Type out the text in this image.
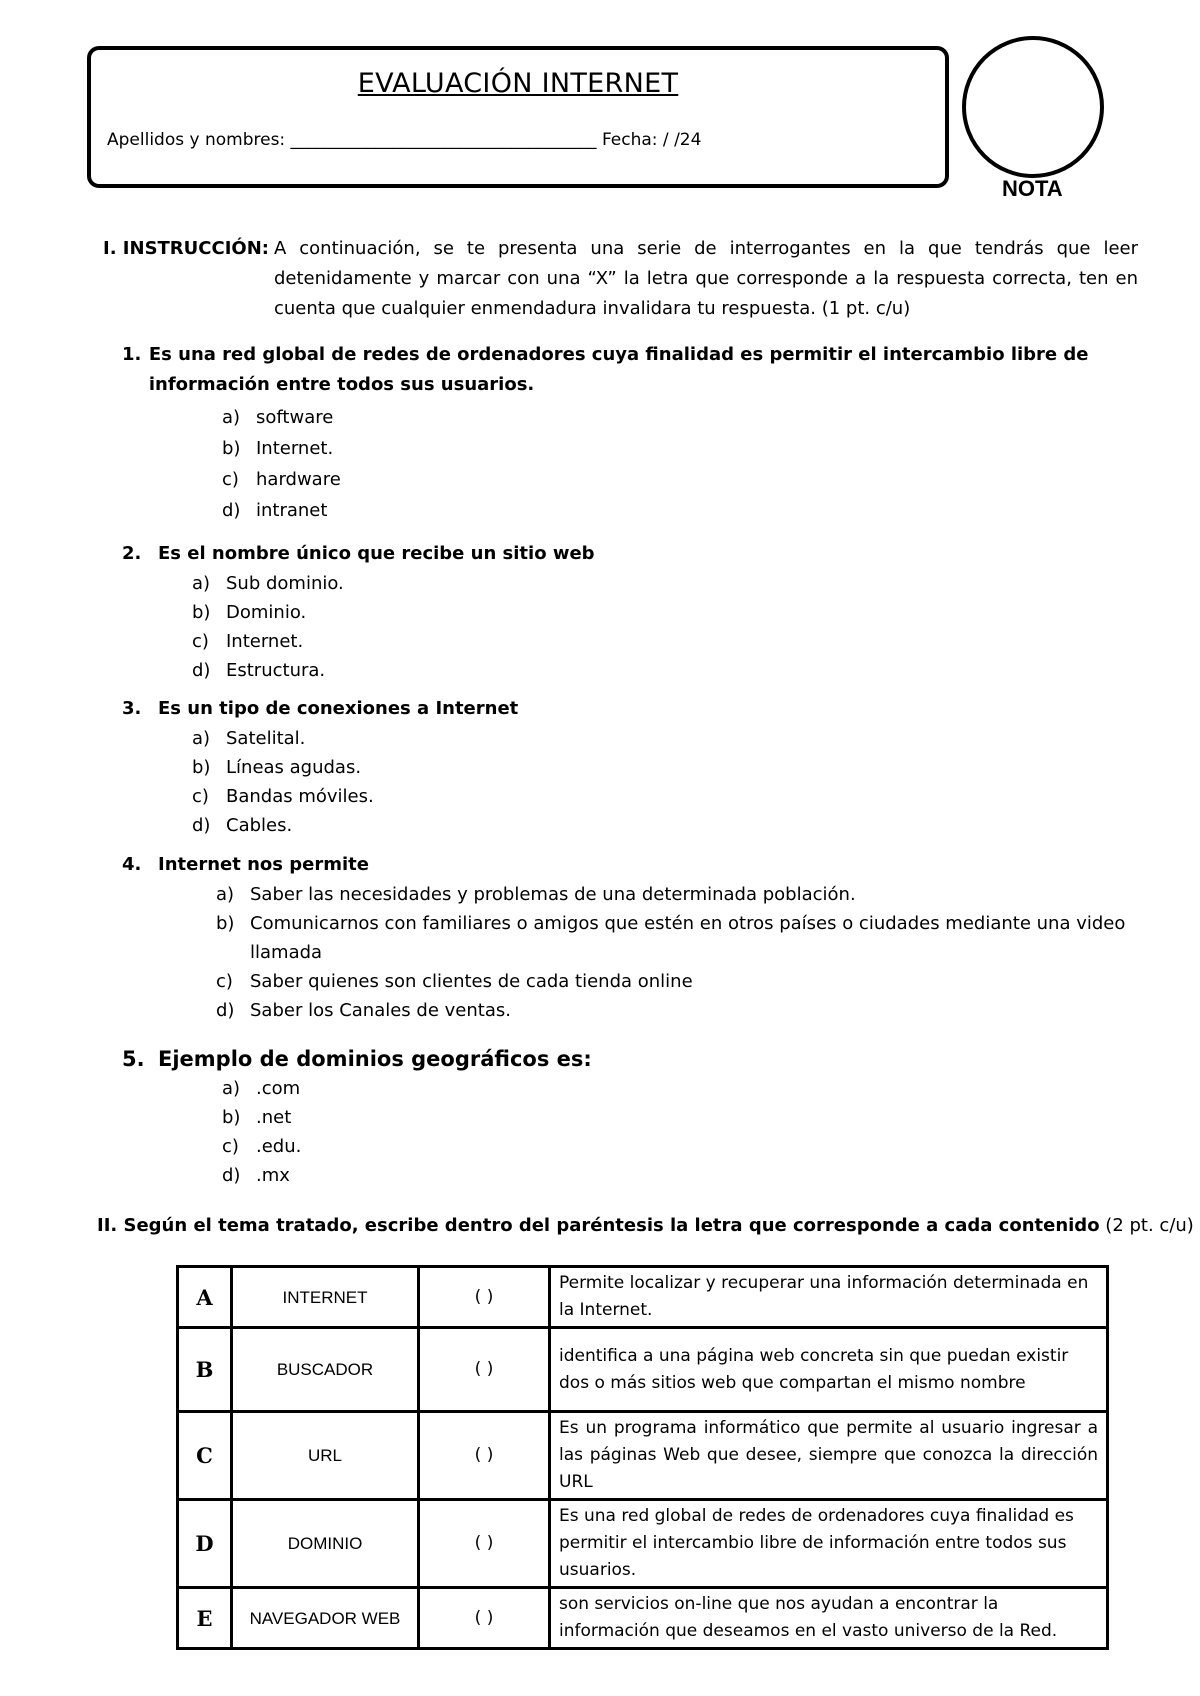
EVALUACIÓN INTERNET
Apellidos y nombres: ____________________________________ Fecha: / /24
NOTA
I. INSTRUCCIÓN: A continuación, se te presenta una serie de interrogantes en la que tendrás que leer detenidamente y marcar con una “X” la letra que corresponde a la respuesta correcta, ten en cuenta que cualquier enmendadura invalidara tu respuesta. (1 pt. c/u)
1. Es una red global de redes de ordenadores cuya finalidad es permitir el intercambio libre de información entre todos sus usuarios.
a) software
b) Internet.
c) hardware
d) intranet
2. Es el nombre único que recibe un sitio web
a) Sub dominio.
b) Dominio.
c) Internet.
d) Estructura.
3. Es un tipo de conexiones a Internet
a) Satelital.
b) Líneas agudas.
c) Bandas móviles.
d) Cables.
4. Internet nos permite
a) Saber las necesidades y problemas de una determinada población.
b) Comunicarnos con familiares o amigos que estén en otros países o ciudades mediante una video llamada
c) Saber quienes son clientes de cada tienda online
d) Saber los Canales de ventas.
5. Ejemplo de dominios geográficos es:
a) .com
b) .net
c) .edu.
d) .mx
II. Según el tema tratado, escribe dentro del paréntesis la letra que corresponde a cada contenido (2 pt. c/u)
A	INTERNET	( )	Permite localizar y recuperar una información determinada en la Internet.
B	BUSCADOR	( )	identifica a una página web concreta sin que puedan existir dos o más sitios web que compartan el mismo nombre
C	URL	( )	Es un programa informático que permite al usuario ingresar a las páginas Web que desee, siempre que conozca la dirección URL
D	DOMINIO	( )	Es una red global de redes de ordenadores cuya finalidad es permitir el intercambio libre de información entre todos sus usuarios.
E	NAVEGADOR WEB	( )	son servicios on-line que nos ayudan a encontrar la información que deseamos en el vasto universo de la Red.
